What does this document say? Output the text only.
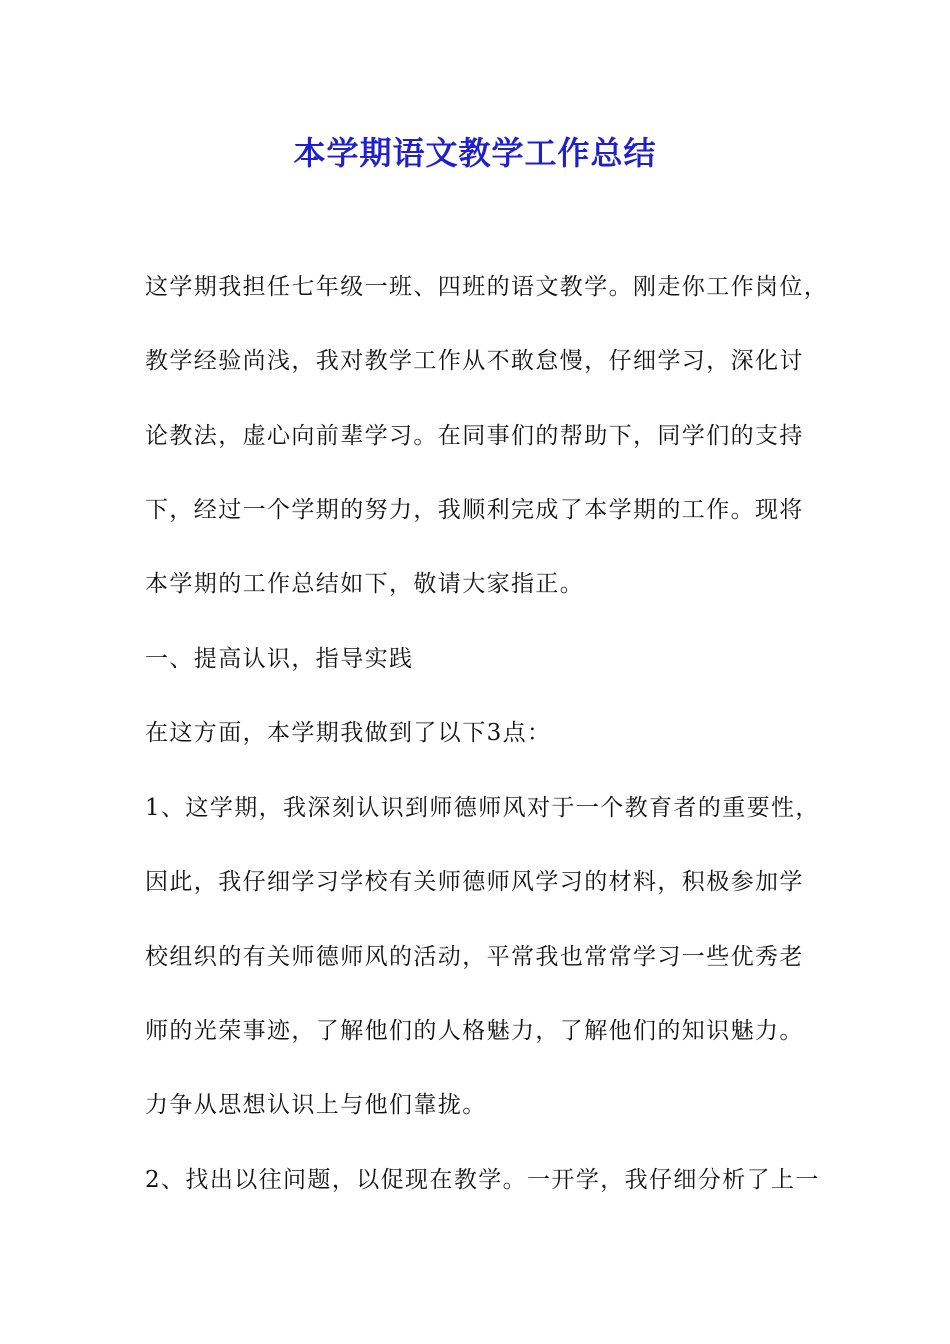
本学期语文教学工作总结

这学期我担任七年级一班、四班的语文教学。刚走你工作岗位，

教学经验尚浅，我对教学工作从不敢怠慢，仔细学习，深化讨

论教法，虚心向前辈学习。在同事们的帮助下，同学们的支持

下，经过一个学期的努力，我顺利完成了本学期的工作。现将

本学期的工作总结如下，敬请大家指正。

一、提高认识，指导实践

在这方面，本学期我做到了以下3点：

1、这学期，我深刻认识到师德师风对于一个教育者的重要性，

因此，我仔细学习学校有关师德师风学习的材料，积极参加学

校组织的有关师德师风的活动，平常我也常常学习一些优秀老

师的光荣事迹，了解他们的人格魅力，了解他们的知识魅力。

力争从思想认识上与他们靠拢。

2、找出以往问题，以促现在教学。一开学，我仔细分析了上一
